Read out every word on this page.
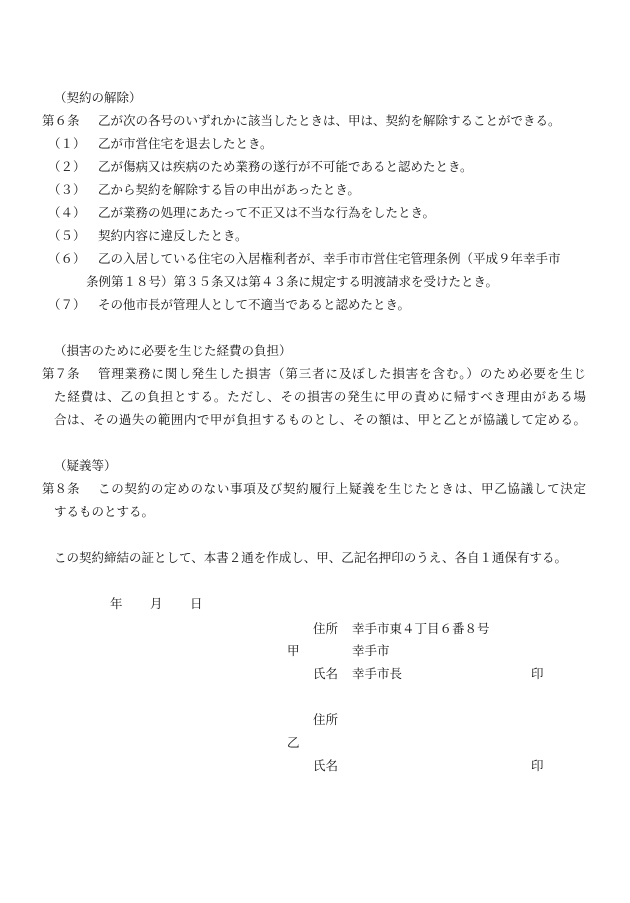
（契約の解除）
第６条 乙が次の各号のいずれかに該当したときは、甲は、契約を解除することができる。
（１） 乙が市営住宅を退去したとき。
（２） 乙が傷病又は疾病のため業務の遂行が不可能であると認めたとき。
（３） 乙から契約を解除する旨の申出があったとき。
（４） 乙が業務の処理にあたって不正又は不当な行為をしたとき。
（５） 契約内容に違反したとき。
（６） 乙の入居している住宅の入居権利者が、幸手市市営住宅管理条例（平成９年幸手市
条例第１８号）第３５条又は第４３条に規定する明渡請求を受けたとき。
（７） その他市長が管理人として不適当であると認めたとき。
（損害のために必要を生じた経費の負担）
第７条 管理業務に関し発生した損害（第三者に及ぼした損害を含む。）のため必要を生じ
た経費は、乙の負担とする。ただし、その損害の発生に甲の責めに帰すべき理由がある場
合は、その過失の範囲内で甲が負担するものとし、その額は、甲と乙とが協議して定める。
（疑義等）
第８条 この契約の定めのない事項及び契約履行上疑義を生じたときは、甲乙協議して決定
するものとする。
この契約締結の証として、本書２通を作成し、甲、乙記名押印のうえ、各自１通保有する。
年 月 日
住所 幸手市東４丁目６番８号
甲	幸手市
氏名 幸手市長	印
住所
乙
氏名	印
